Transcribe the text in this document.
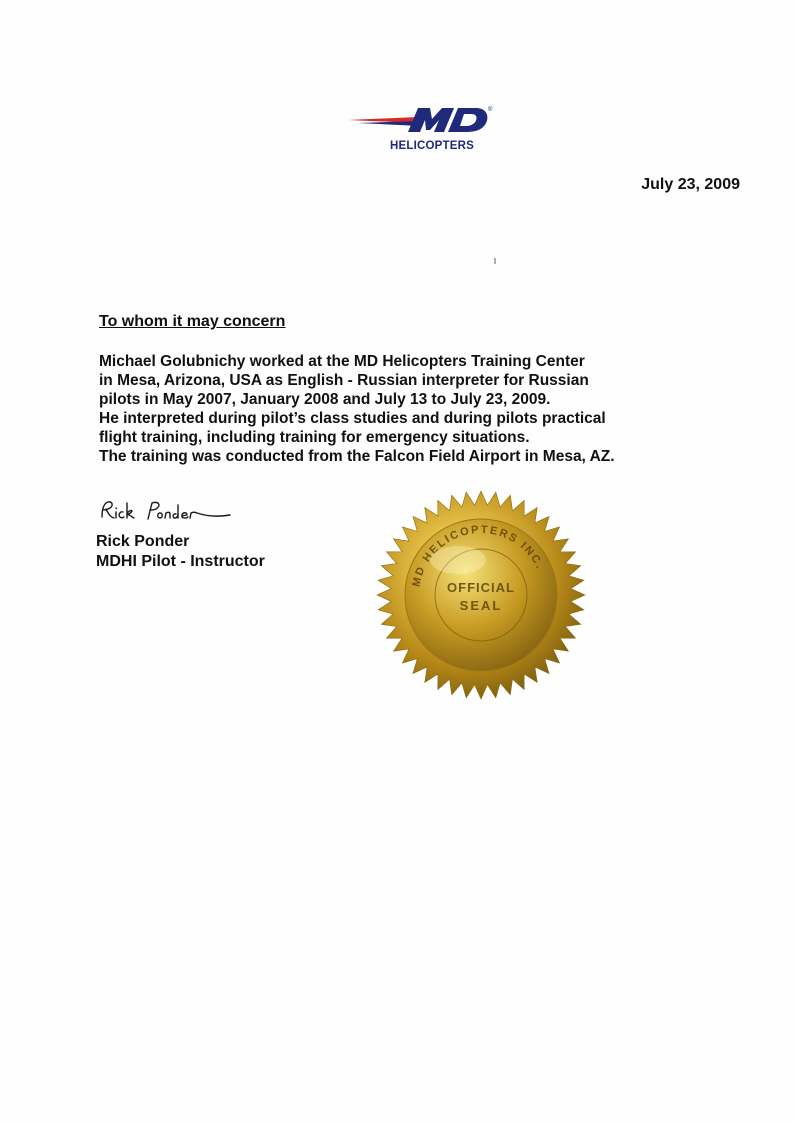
®
HELICOPTERS
July 23, 2009
To whom it may concern
Michael Golubnichy worked at the MD Helicopters Training Center
in Mesa, Arizona, USA as English - Russian interpreter for Russian
pilots in May 2007, January 2008 and July 13 to July 23, 2009.
He interpreted during pilot’s class studies and during pilots practical
flight training, including training for emergency situations.
The training was conducted from the Falcon Field Airport in Mesa, AZ.
Rick Ponder
MDHI Pilot - Instructor
MD HELICOPTERS INC.
OFFICIAL
SEAL
